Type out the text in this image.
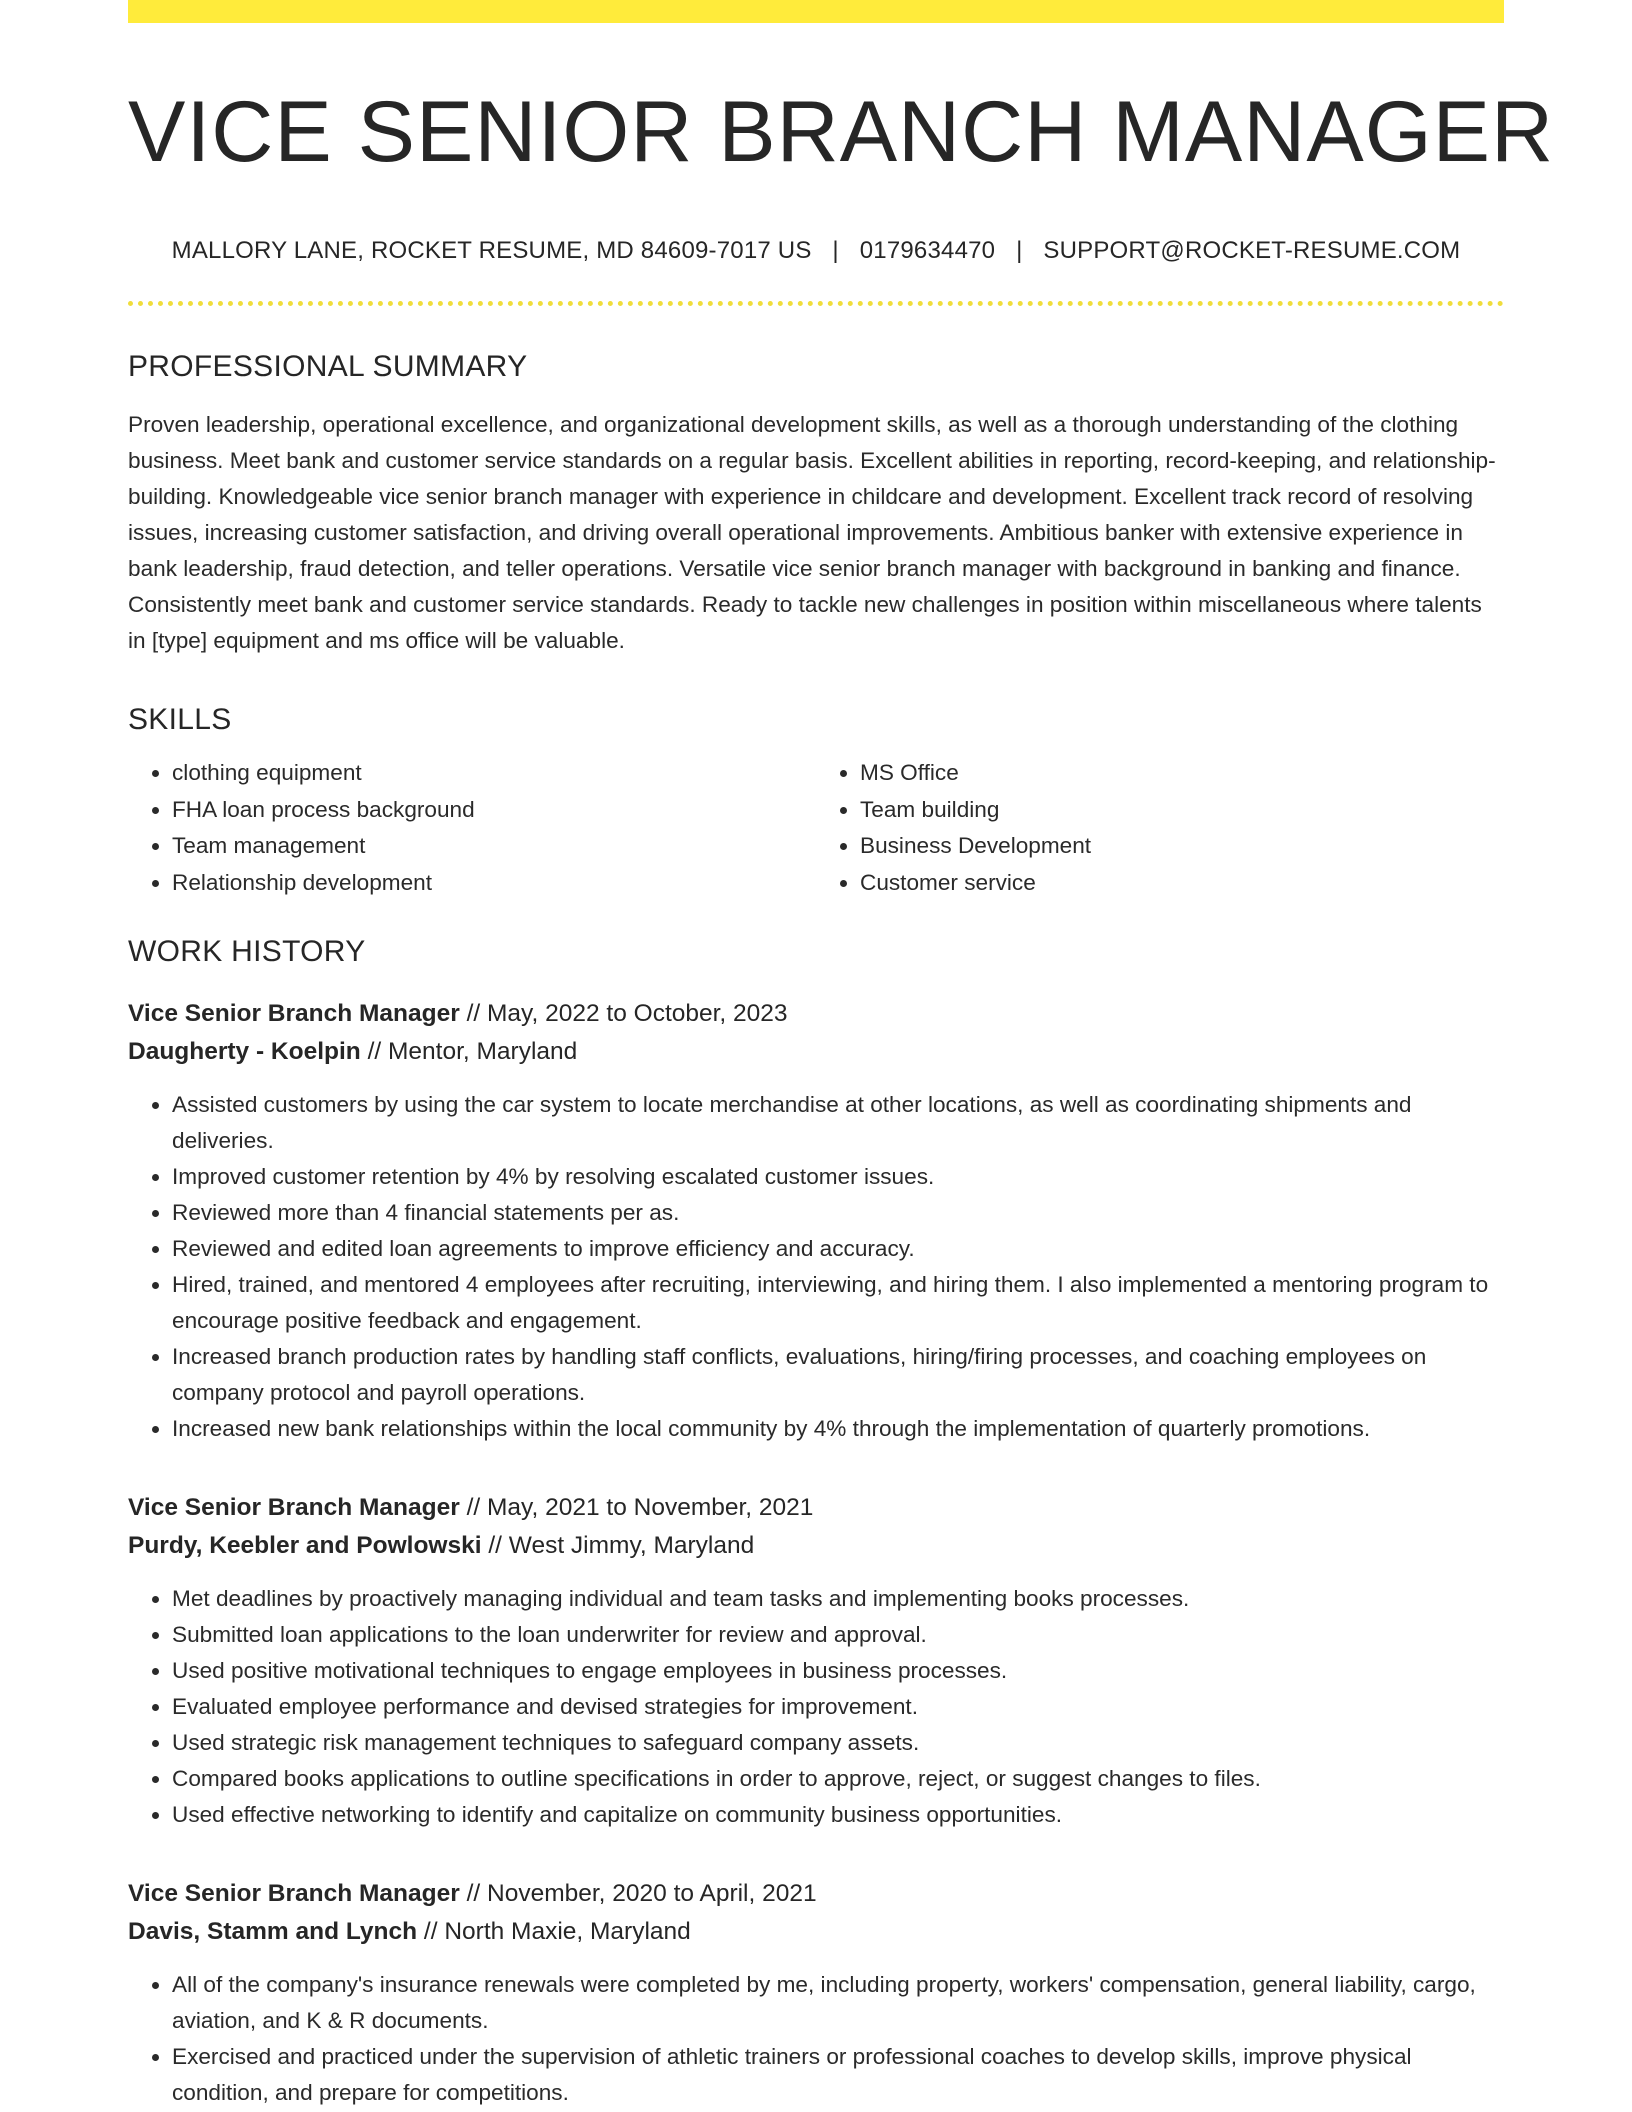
VICE SENIOR BRANCH MANAGER
MALLORY LANE, ROCKET RESUME, MD 84609-7017 US | 0179634470 | SUPPORT@ROCKET-RESUME.COM
PROFESSIONAL SUMMARY

Proven leadership, operational excellence, and organizational development skills, as well as a thorough understanding of the clothing business. Meet bank and customer service standards on a regular basis. Excellent abilities in reporting, record-keeping, and relationship-building. Knowledgeable vice senior branch manager with experience in childcare and development. Excellent track record of resolving issues, increasing customer satisfaction, and driving overall operational improvements. Ambitious banker with extensive experience in bank leadership, fraud detection, and teller operations. Versatile vice senior branch manager with background in banking and finance. Consistently meet bank and customer service standards. Ready to tackle new challenges in position within miscellaneous where talents in [type] equipment and ms office will be valuable.

SKILLS
• clothing equipment
• FHA loan process background
• Team management
• Relationship development
• MS Office
• Team building
• Business Development
• Customer service
WORK HISTORY
Vice Senior Branch Manager // May, 2022 to October, 2023
Daugherty - Koelpin // Mentor, Maryland
• Assisted customers by using the car system to locate merchandise at other locations, as well as coordinating shipments and deliveries.
• Improved customer retention by 4% by resolving escalated customer issues.
• Reviewed more than 4 financial statements per as.
• Reviewed and edited loan agreements to improve efficiency and accuracy.
• Hired, trained, and mentored 4 employees after recruiting, interviewing, and hiring them. I also implemented a mentoring program to encourage positive feedback and engagement.
• Increased branch production rates by handling staff conflicts, evaluations, hiring/firing processes, and coaching employees on company protocol and payroll operations.
• Increased new bank relationships within the local community by 4% through the implementation of quarterly promotions.
Vice Senior Branch Manager // May, 2021 to November, 2021
Purdy, Keebler and Powlowski // West Jimmy, Maryland
• Met deadlines by proactively managing individual and team tasks and implementing books processes.
• Submitted loan applications to the loan underwriter for review and approval.
• Used positive motivational techniques to engage employees in business processes.
• Evaluated employee performance and devised strategies for improvement.
• Used strategic risk management techniques to safeguard company assets.
• Compared books applications to outline specifications in order to approve, reject, or suggest changes to files.
• Used effective networking to identify and capitalize on community business opportunities.
Vice Senior Branch Manager // November, 2020 to April, 2021
Davis, Stamm and Lynch // North Maxie, Maryland
• All of the company's insurance renewals were completed by me, including property, workers' compensation, general liability, cargo, aviation, and K & R documents.
• Exercised and practiced under the supervision of athletic trainers or professional coaches to develop skills, improve physical condition, and prepare for competitions.
